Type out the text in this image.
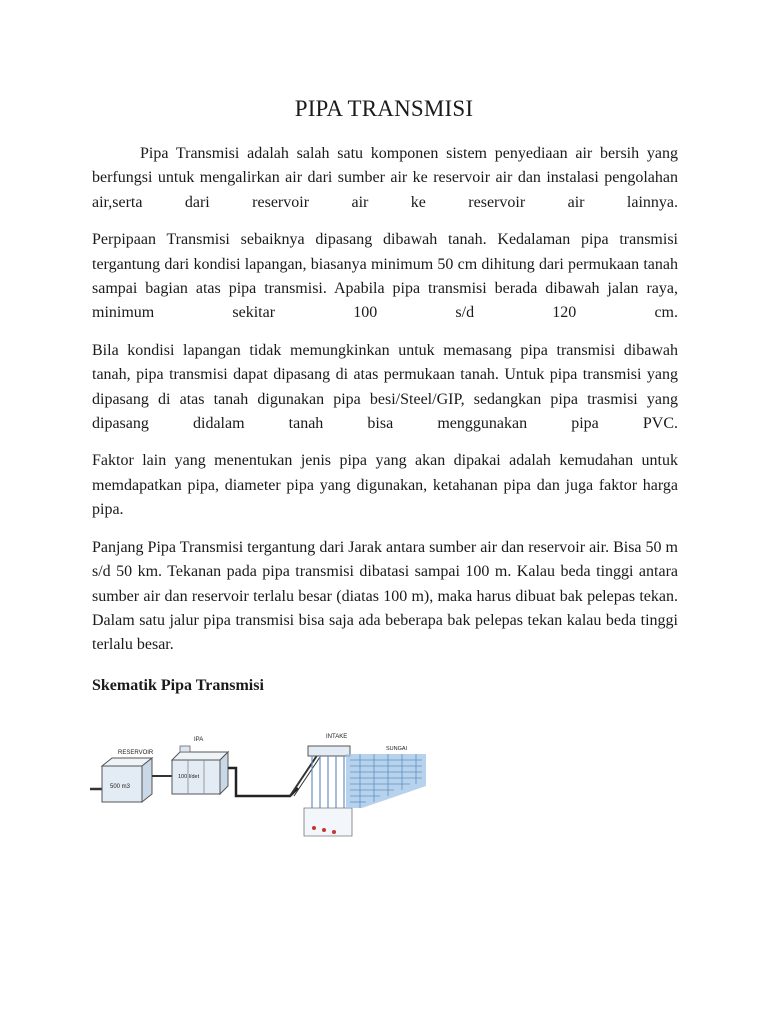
PIPA TRANSMISI

Pipa Transmisi adalah salah satu komponen sistem penyediaan air bersih yang berfungsi untuk mengalirkan air dari sumber air ke reservoir air dan instalasi pengolahan air,serta dari reservoir air ke reservoir air lainnya.

Perpipaan Transmisi sebaiknya dipasang dibawah tanah. Kedalaman pipa transmisi tergantung dari kondisi lapangan, biasanya minimum 50 cm dihitung dari permukaan tanah sampai bagian atas pipa transmisi. Apabila pipa transmisi berada dibawah jalan raya, minimum sekitar 100 s/d 120 cm.

Bila kondisi lapangan tidak memungkinkan untuk memasang pipa transmisi dibawah tanah, pipa transmisi dapat dipasang di atas permukaan tanah. Untuk pipa transmisi yang dipasang di atas tanah digunakan pipa besi/Steel/GIP, sedangkan pipa trasmisi yang dipasang didalam tanah bisa menggunakan pipa PVC.

Faktor lain yang menentukan jenis pipa yang akan dipakai adalah kemudahan untuk memdapatkan pipa, diameter pipa yang digunakan, ketahanan pipa dan juga faktor harga pipa.

Panjang Pipa Transmisi tergantung dari Jarak antara sumber air dan reservoir air. Bisa 50 m s/d 50 km. Tekanan pada pipa transmisi dibatasi sampai 100 m. Kalau beda tinggi antara sumber air dan reservoir terlalu besar (diatas 100 m), maka harus dibuat bak pelepas tekan. Dalam satu jalur pipa transmisi bisa saja ada beberapa bak pelepas tekan kalau beda tinggi terlalu besar.

Skematik Pipa Transmisi
RESERVOIR
500 m3
IPA
100 l/det
INTAKE
SUNGAI
